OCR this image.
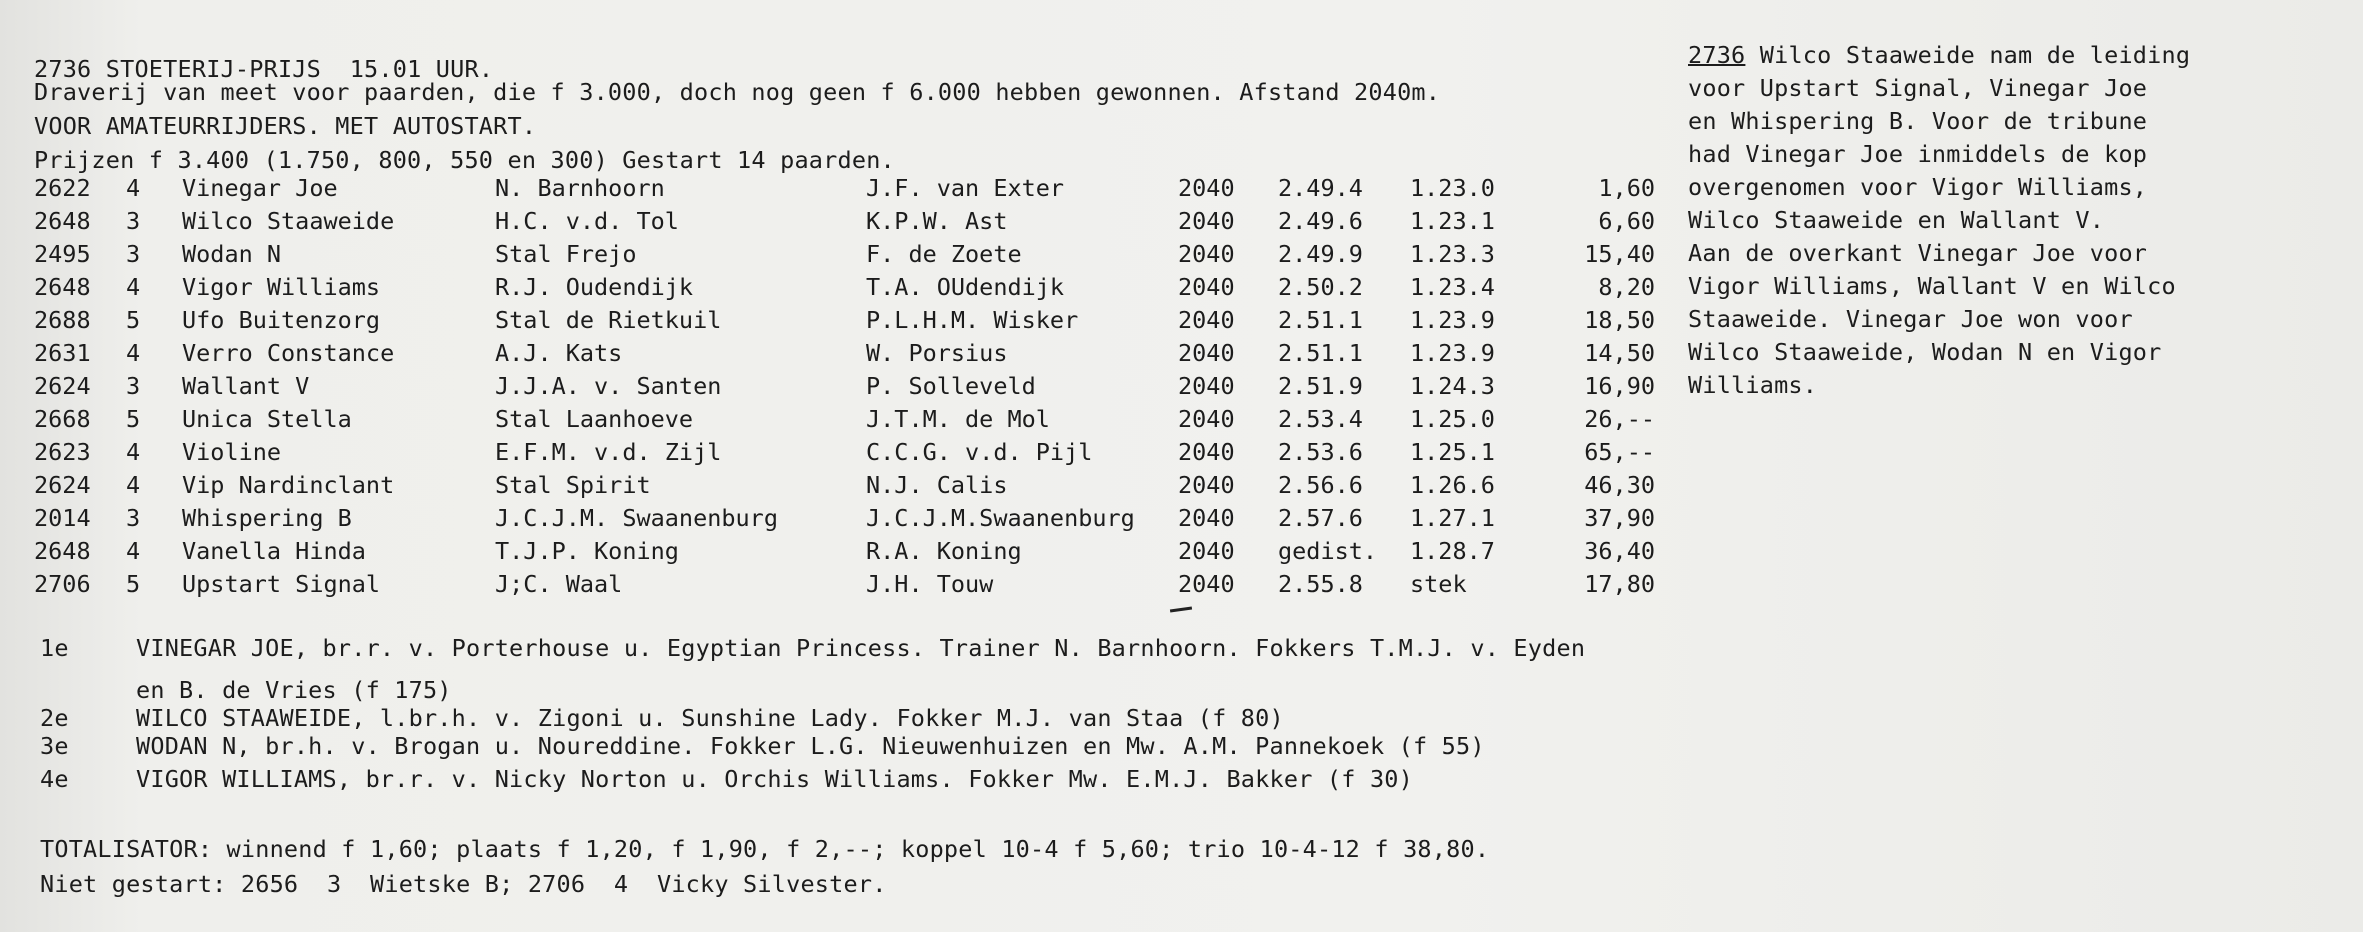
2736 STOETERIJ-PRIJS 15.01 UUR.
Draverij van meet voor paarden, die f 3.000, doch nog geen f 6.000 hebben gewonnen. Afstand 2040m.
VOOR AMATEURRIJDERS. MET AUTOSTART.
Prijzen f 3.400 (1.750, 800, 550 en 300) Gestart 14 paarden.
2622 4 Vinegar Joe	N. Barnhoorn	J.F. van Exter	2040 2.49.4 1.23.0	1,60
2648 3 Wilco Staaweide	H.C. v.d. Tol	K.P.W. Ast	2040 2.49.6 1.23.1	6,60
2495 3 Wodan N	Stal Frejo	F. de Zoete	2040 2.49.9 1.23.3	15,40
2648 4 Vigor Williams	R.J. Oudendijk	T.A. OUdendijk	2040 2.50.2 1.23.4	8,20
2688 5 Ufo Buitenzorg	Stal de Rietkuil	P.L.H.M. Wisker	2040 2.51.1 1.23.9	18,50
2631 4 Verro Constance	A.J. Kats	W. Porsius	2040 2.51.1 1.23.9	14,50
2624 3 Wallant V	J.J.A. v. Santen	P. Solleveld	2040 2.51.9 1.24.3	16,90
2668 5 Unica Stella	Stal Laanhoeve	J.T.M. de Mol	2040 2.53.4 1.25.0	26,--
2623 4 Violine	E.F.M. v.d. Zijl	C.C.G. v.d. Pijl	2040 2.53.6 1.25.1	65,--
2624 4 Vip Nardinclant	Stal Spirit	N.J. Calis	2040 2.56.6 1.26.6	46,30
2014 3 Whispering B	J.C.J.M. Swaanenburg	J.C.J.M.Swaanenburg 2040 2.57.6 1.27.1	37,90
2648 4 Vanella Hinda	T.J.P. Koning	R.A. Koning	2040 gedist. 1.28.7	36,40
2706 5 Upstart Signal	J;C. Waal	J.H. Touw	2040 2.55.8 stek	17,80
2736 Wilco Staaweide nam de leiding
voor Upstart Signal, Vinegar Joe
en Whispering B. Voor de tribune
had Vinegar Joe inmiddels de kop
overgenomen voor Vigor Williams,
Wilco Staaweide en Wallant V.
Aan de overkant Vinegar Joe voor
Vigor Williams, Wallant V en Wilco
Staaweide. Vinegar Joe won voor
Wilco Staaweide, Wodan N en Vigor
Williams.
1e	VINEGAR JOE, br.r. v. Porterhouse u. Egyptian Princess. Trainer N. Barnhoorn. Fokkers T.M.J. v. Eyden
en B. de Vries (f 175)
2e	WILCO STAAWEIDE, l.br.h. v. Zigoni u. Sunshine Lady. Fokker M.J. van Staa (f 80)
3e	WODAN N, br.h. v. Brogan u. Noureddine. Fokker L.G. Nieuwenhuizen en Mw. A.M. Pannekoek (f 55)
4e	VIGOR WILLIAMS, br.r. v. Nicky Norton u. Orchis Williams. Fokker Mw. E.M.J. Bakker (f 30)
TOTALISATOR: winnend f 1,60; plaats f 1,20, f 1,90, f 2,--; koppel 10-4 f 5,60; trio 10-4-12 f 38,80.
Niet gestart: 2656  3  Wietske B; 2706  4  Vicky Silvester.
